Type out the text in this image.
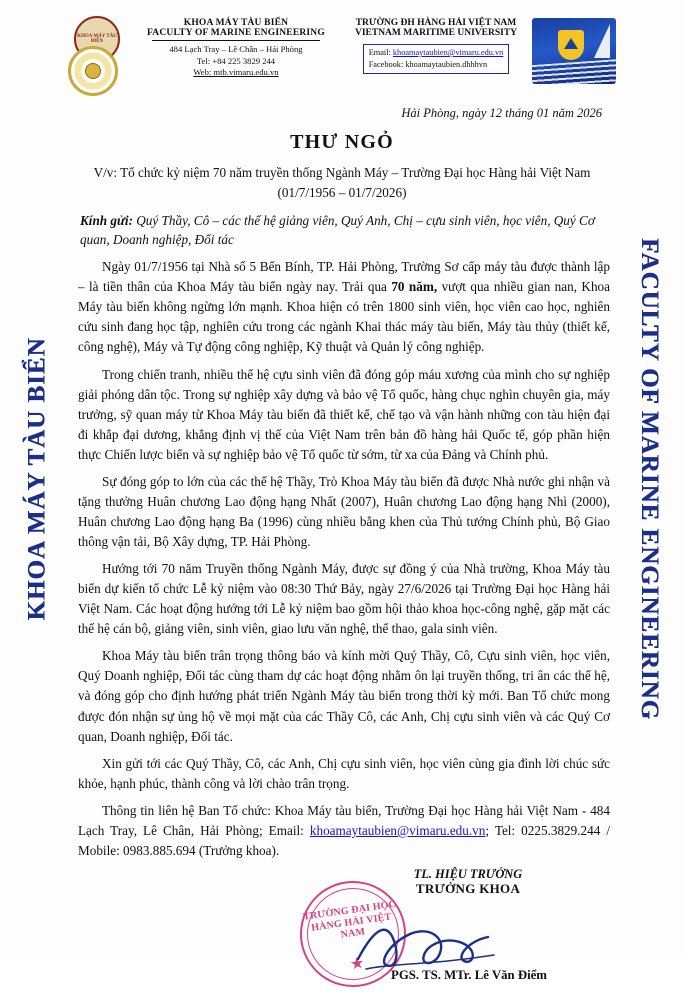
KHOA MÁY TÀU BIỂN	FACULTY OF MARINE ENGINEERING
KHOA MÁY TÀU BIỂN
KHOA MÁY TÀU BIỂN
FACULTY OF MARINE ENGINEERING
484 Lạch Tray – Lê Chân – Hải Phòng
Tel: +84 225 3829 244
Web: mtb.vimaru.edu.vn
TRƯỜNG ĐH HÀNG HẢI VIỆT NAM
VIETNAM MARITIME UNIVERSITY
Email: khoamaytaubien@vimaru.edu.vn
Facebook: khoamaytaubien.dhhhvn
Hải Phòng, ngày 12 tháng 01 năm 2026
THƯ NGỎ
V/v: Tổ chức kỷ niệm 70 năm truyền thống Ngành Máy – Trường Đại học Hàng hải Việt Nam (01/7/1956 – 01/7/2026)
Kính gửi: Quý Thầy, Cô – các thế hệ giảng viên, Quý Anh, Chị – cựu sinh viên, học viên, Quý Cơ quan, Doanh nghiệp, Đối tác

Ngày 01/7/1956 tại Nhà số 5 Bến Bính, TP. Hải Phòng, Trường Sơ cấp máy tàu được thành lập – là tiền thân của Khoa Máy tàu biển ngày nay. Trải qua 70 năm, vượt qua nhiều gian nan, Khoa Máy tàu biển không ngừng lớn mạnh. Khoa hiện có trên 1800 sinh viên, học viên cao học, nghiên cứu sinh đang học tập, nghiên cứu trong các ngành Khai thác máy tàu biển, Máy tàu thủy (thiết kế, công nghệ), Máy và Tự động công nghiệp, Kỹ thuật và Quản lý công nghiệp.

Trong chiến tranh, nhiều thế hệ cựu sinh viên đã đóng góp máu xương của mình cho sự nghiệp giải phóng dân tộc. Trong sự nghiệp xây dựng và bảo vệ Tổ quốc, hàng chục nghìn chuyên gia, máy trưởng, sỹ quan máy từ Khoa Máy tàu biển đã thiết kế, chế tạo và vận hành những con tàu hiện đại đi khắp đại dương, khẳng định vị thế của Việt Nam trên bản đồ hàng hải Quốc tế, góp phần hiện thực Chiến lược biển và sự nghiệp bảo vệ Tổ quốc từ sớm, từ xa của Đảng và Chính phủ.

Sự đóng góp to lớn của các thế hệ Thầy, Trò Khoa Máy tàu biển đã được Nhà nước ghi nhận và tặng thưởng Huân chương Lao động hạng Nhất (2007), Huân chương Lao động hạng Nhì (2000), Huân chương Lao động hạng Ba (1996) cùng nhiều bằng khen của Thủ tướng Chính phủ, Bộ Giao thông vận tải, Bộ Xây dựng, TP. Hải Phòng.

Hướng tới 70 năm Truyền thống Ngành Máy, được sự đồng ý của Nhà trường, Khoa Máy tàu biển dự kiến tổ chức Lễ kỷ niệm vào 08:30 Thứ Bảy, ngày 27/6/2026 tại Trường Đại học Hàng hải Việt Nam. Các hoạt động hướng tới Lễ kỷ niệm bao gồm hội thảo khoa học-công nghệ, gặp mặt các thế hệ cán bộ, giảng viên, sinh viên, giao lưu văn nghệ, thể thao, gala sinh viên.

Khoa Máy tàu biển trân trọng thông báo và kính mời Quý Thầy, Cô, Cựu sinh viên, học viên, Quý Doanh nghiệp, Đối tác cùng tham dự các hoạt động nhằm ôn lại truyền thống, tri ân các thế hệ, và đóng góp cho định hướng phát triển Ngành Máy tàu biển trong thời kỳ mới. Ban Tổ chức mong được đón nhận sự ủng hộ về mọi mặt của các Thầy Cô, các Anh, Chị cựu sinh viên và các Quý Cơ quan, Doanh nghiệp, Đối tác.

Xin gửi tới các Quý Thầy, Cô, các Anh, Chị cựu sinh viên, học viên cùng gia đình lời chúc sức khỏe, hạnh phúc, thành công và lời chào trân trọng.

Thông tin liên hệ Ban Tổ chức: Khoa Máy tàu biển, Trường Đại học Hàng hải Việt Nam - 484 Lạch Tray, Lê Chân, Hải Phòng; Email: khoamaytaubien@vimaru.edu.vn; Tel: 0225.3829.244 / Mobile: 0983.885.694 (Trưởng khoa).

TL. HIỆU TRƯỞNG
TRƯỞNG KHOA
TRƯỜNG ĐẠI HỌC HÀNG HẢI VIỆT NAM
★
PGS. TS. MTr. Lê Văn Điểm
